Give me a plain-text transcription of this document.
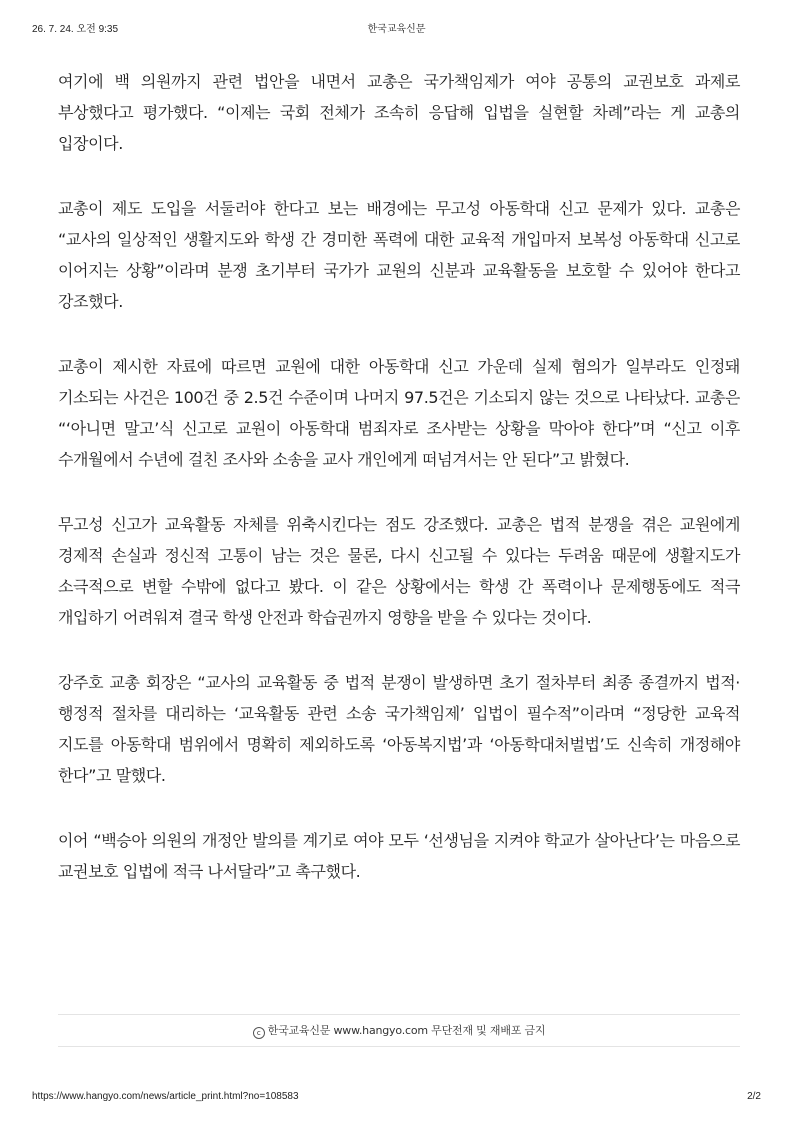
26. 7. 24. 오전 9:35	한국교육신문

여기에 백 의원까지 관련 법안을 내면서 교총은 국가책임제가 여야 공통의 교권보호 과제로 부상했다고 평가했다. “이제는 국회 전체가 조속히 응답해 입법을 실현할 차례”라는 게 교총의 입장이다.

교총이 제도 도입을 서둘러야 한다고 보는 배경에는 무고성 아동학대 신고 문제가 있다. 교총은 “교사의 일상적인 생활지도와 학생 간 경미한 폭력에 대한 교육적 개입마저 보복성 아동학대 신고로 이어지는 상황”이라며 분쟁 초기부터 국가가 교원의 신분과 교육활동을 보호할 수 있어야 한다고 강조했다.

교총이 제시한 자료에 따르면 교원에 대한 아동학대 신고 가운데 실제 혐의가 일부라도 인정돼 기소되는 사건은 100건 중 2.5건 수준이며 나머지 97.5건은 기소되지 않는 것으로 나타났다. 교총은 “‘아니면 말고’식 신고로 교원이 아동학대 범죄자로 조사받는 상황을 막아야 한다”며 “신고 이후 수개월에서 수년에 걸친 조사와 소송을 교사 개인에게 떠넘겨서는 안 된다”고 밝혔다.

무고성 신고가 교육활동 자체를 위축시킨다는 점도 강조했다. 교총은 법적 분쟁을 겪은 교원에게 경제적 손실과 정신적 고통이 남는 것은 물론, 다시 신고될 수 있다는 두려움 때문에 생활지도가 소극적으로 변할 수밖에 없다고 봤다. 이 같은 상황에서는 학생 간 폭력이나 문제행동에도 적극 개입하기 어려워져 결국 학생 안전과 학습권까지 영향을 받을 수 있다는 것이다.

강주호 교총 회장은 “교사의 교육활동 중 법적 분쟁이 발생하면 초기 절차부터 최종 종결까지 법적·행정적 절차를 대리하는 ‘교육활동 관련 소송 국가책임제’ 입법이 필수적”이라며 “정당한 교육적 지도를 아동학대 범위에서 명확히 제외하도록 ‘아동복지법’과 ‘아동학대처벌법’도 신속히 개정해야 한다”고 말했다.

이어 “백승아 의원의 개정안 발의를 계기로 여야 모두 ‘선생님을 지켜야 학교가 살아난다’는 마음으로 교권보호 입법에 적극 나서달라”고 촉구했다.

c 한국교육신문 www.hangyo.com 무단전재 및 재배포 금지
https://www.hangyo.com/news/article_print.html?no=108583	2/2
